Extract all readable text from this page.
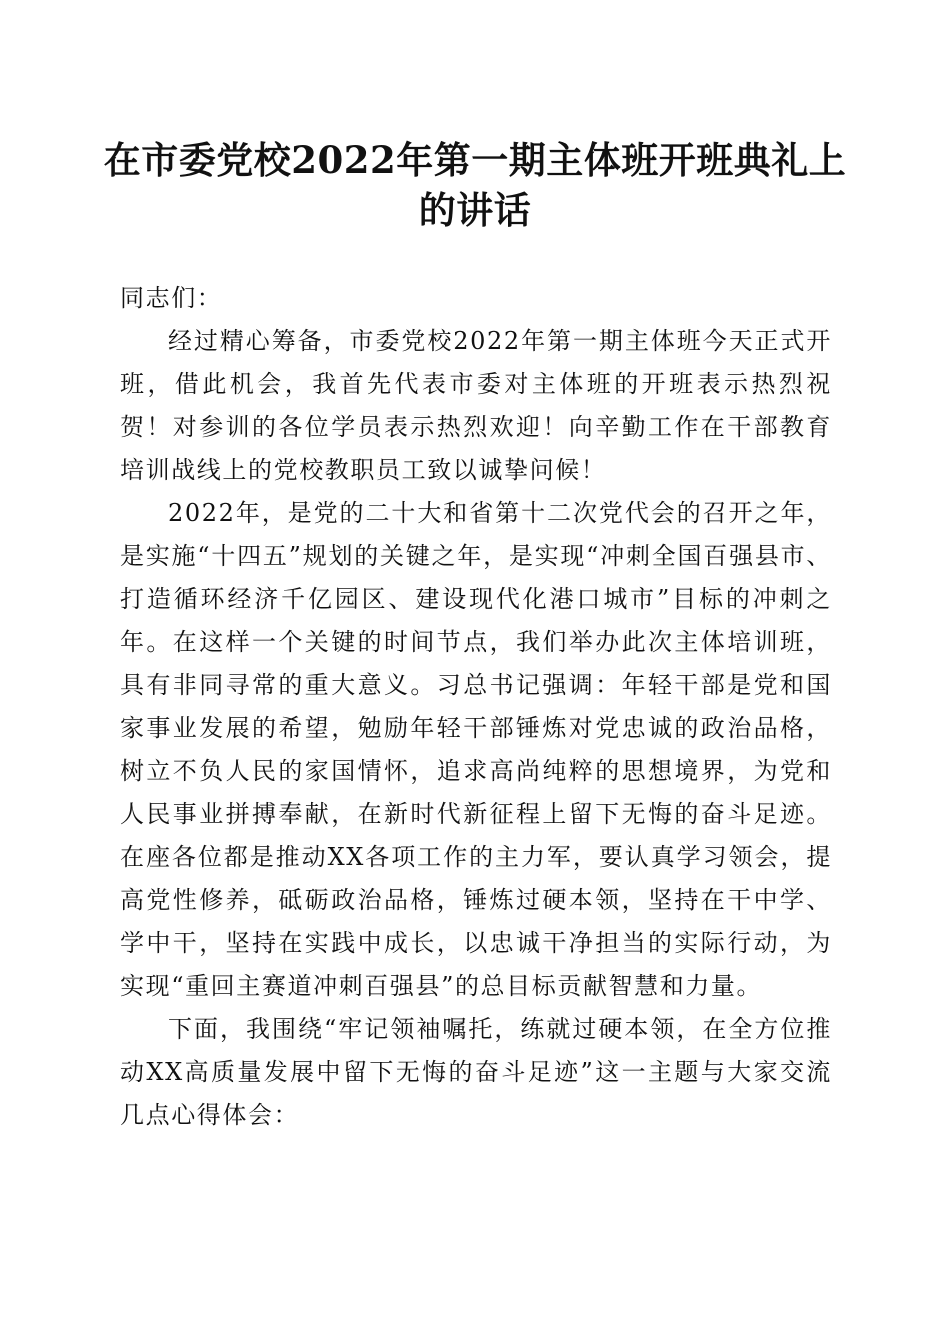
在市委党校2022年第一期主体班开班典礼上
的讲话

同志们：

经过精心筹备，市委党校2022年第一期主体班今天正式开班，借此机会，我首先代表市委对主体班的开班表示热烈祝贺！对参训的各位学员表示热烈欢迎！向辛勤工作在干部教育培训战线上的党校教职员工致以诚挚问候！

2022年，是党的二十大和省第十二次党代会的召开之年，是实施“十四五”规划的关键之年，是实现“冲刺全国百强县市、打造循环经济千亿园区、建设现代化港口城市”目标的冲刺之年。在这样一个关键的时间节点，我们举办此次主体培训班，具有非同寻常的重大意义。习总书记强调：年轻干部是党和国家事业发展的希望，勉励年轻干部锤炼对党忠诚的政治品格，树立不负人民的家国情怀，追求高尚纯粹的思想境界，为党和人民事业拼搏奉献，在新时代新征程上留下无悔的奋斗足迹。在座各位都是推动XX各项工作的主力军，要认真学习领会，提高党性修养，砥砺政治品格，锤炼过硬本领，坚持在干中学、学中干，坚持在实践中成长，以忠诚干净担当的实际行动，为实现“重回主赛道冲刺百强县”的总目标贡献智慧和力量。

下面，我围绕“牢记领袖嘱托，练就过硬本领，在全方位推动XX高质量发展中留下无悔的奋斗足迹”这一主题与大家交流几点心得体会：
